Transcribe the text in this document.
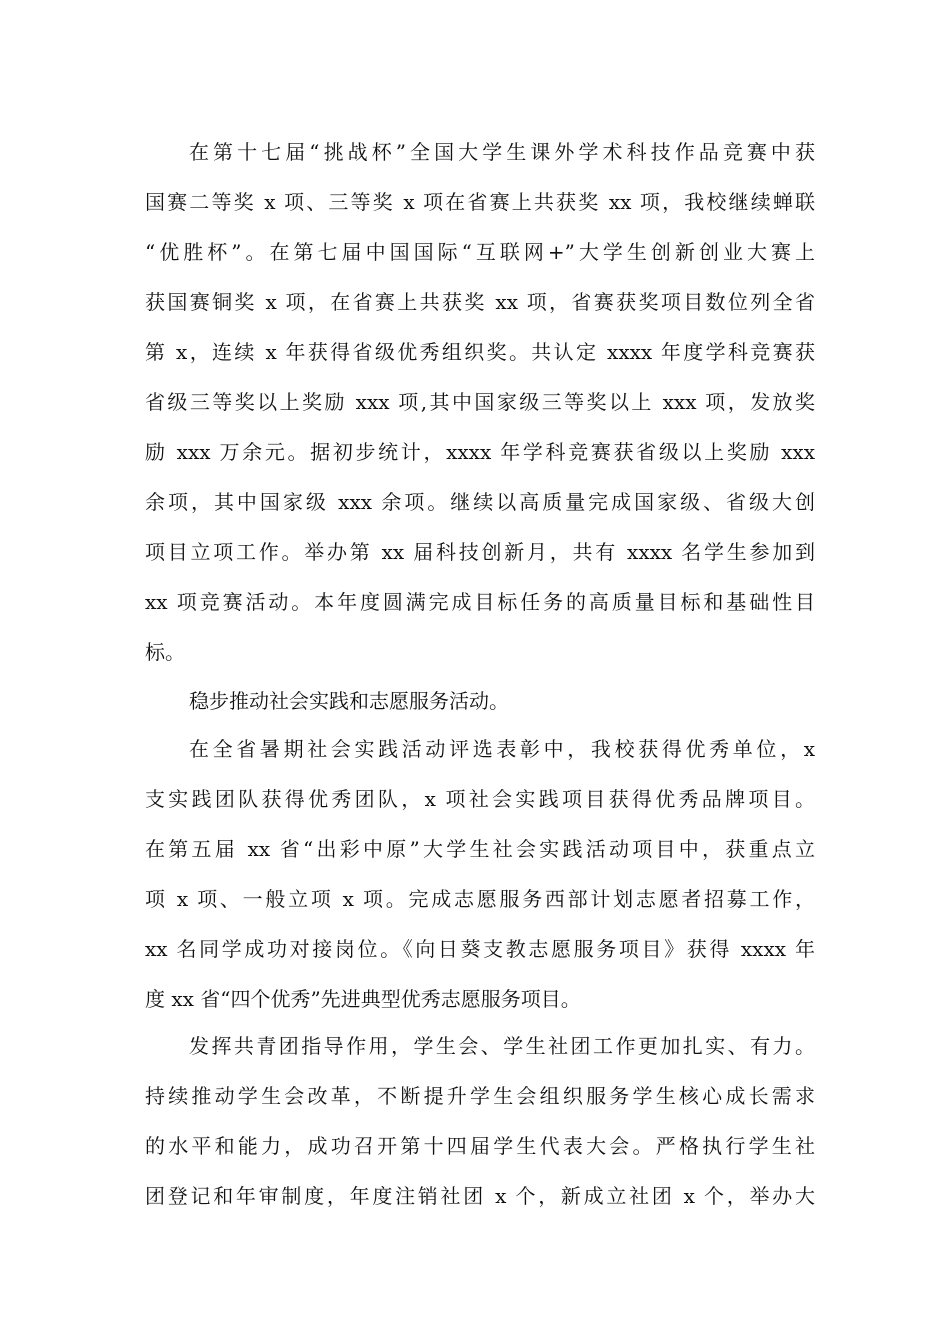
在第十七届“挑战杯”全国大学生课外学术科技作品竞赛中获
国赛二等奖 x 项、三等奖 x 项在省赛上共获奖 xx 项，我校继续蝉联
“优胜杯”。在第七届中国国际“互联网+”大学生创新创业大赛上
获国赛铜奖 x 项，在省赛上共获奖 xx 项，省赛获奖项目数位列全省
第 x，连续 x 年获得省级优秀组织奖。共认定 xxxx 年度学科竞赛获
省级三等奖以上奖励 xxx 项,其中国家级三等奖以上 xxx 项，发放奖
励 xxx 万余元。据初步统计，xxxx 年学科竞赛获省级以上奖励 xxx
余项，其中国家级 xxx 余项。继续以高质量完成国家级、省级大创
项目立项工作。举办第 xx 届科技创新月，共有 xxxx 名学生参加到
xx 项竞赛活动。本年度圆满完成目标任务的高质量目标和基础性目
标。
稳步推动社会实践和志愿服务活动。
在全省暑期社会实践活动评选表彰中，我校获得优秀单位，x
支实践团队获得优秀团队，x 项社会实践项目获得优秀品牌项目。
在第五届 xx 省“出彩中原”大学生社会实践活动项目中，获重点立
项 x 项、一般立项 x 项。完成志愿服务西部计划志愿者招募工作，
xx 名同学成功对接岗位。《向日葵支教志愿服务项目》获得 xxxx 年
度 xx 省“四个优秀”先进典型优秀志愿服务项目。
发挥共青团指导作用，学生会、学生社团工作更加扎实、有力。
持续推动学生会改革，不断提升学生会组织服务学生核心成长需求
的水平和能力，成功召开第十四届学生代表大会。严格执行学生社
团登记和年审制度，年度注销社团 x 个，新成立社团 x 个，举办大
